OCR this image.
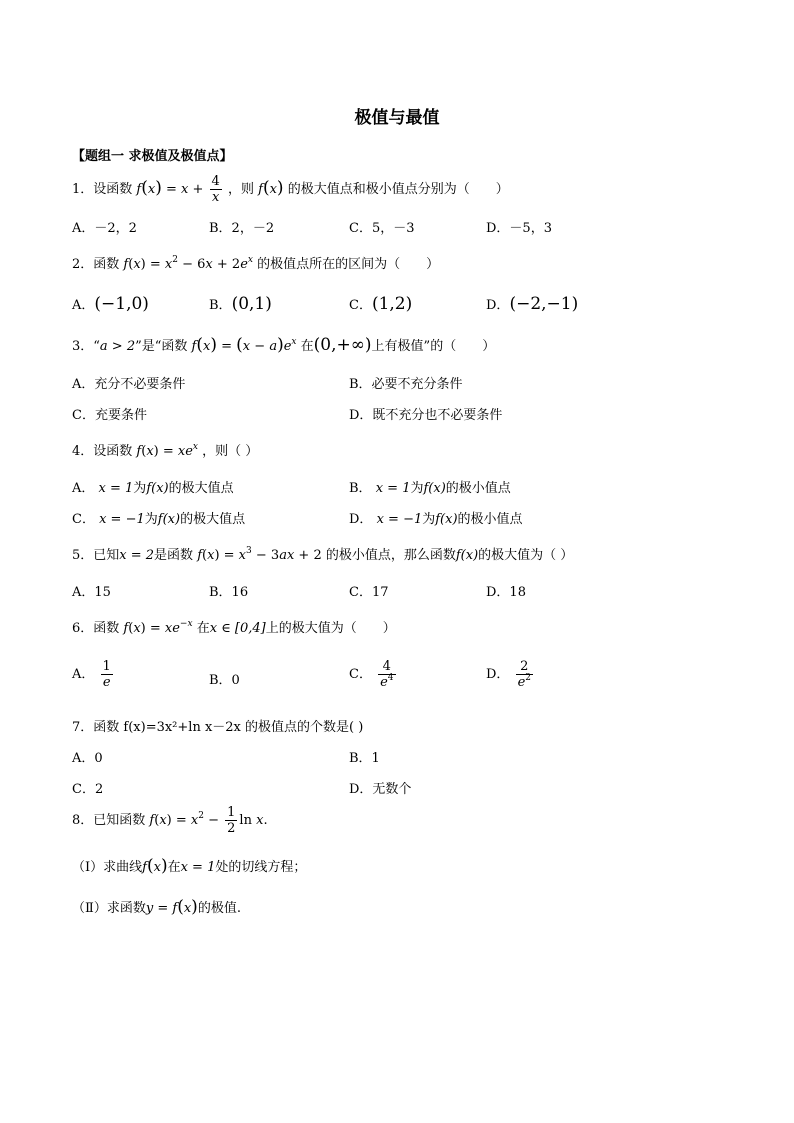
极值与最值
【题组一 求极值及极值点】
1．设函数 $f(x) = x + \frac{4}{x}$ ，则 f(x) 的极大值点和极小值点分别为（　　）
A．－2，2	B．2，－2	C．5，－3	D．－5，3
2．函数 $f(x) = x^2 - 6x + 2e^x$ 的极值点所在的区间为（　　）
A．(−1,0)	B．(0,1)	C．(1,2)	D．(−2,−1)
3．“a > 2”是“函数 $f(x) = (x - a)e^x$ 在(0,+∞)上有极值”的（　　）
A．充分不必要条件	B．必要不充分条件
C．充要条件	D．既不充分也不必要条件
4．设函数 $f(x) = xe^x$ ，则（ ）
A． x = 1为f(x)的极大值点	B． x = 1为f(x)的极小值点
C． x = −1为f(x)的极大值点	D． x = −1为f(x)的极小值点
5．已知x = 2是函数 $f(x) = x^3 - 3ax + 2$ 的极小值点，那么函数f(x)的极大值为（ ）
A．15	B．16	C．17	D．18
6．函数 $f(x) = xe^{-x}$ 在x ∈ [0,4]上的极大值为（　　）
A． $\frac{1}{e}$	B．0	C． $\frac{4}{e^4}$	D． $\frac{2}{e^2}$
7．函数 f(x)=3x²+ln x－2x 的极值点的个数是( )
A．0	B．1
C．2	D．无数个
8．已知函数 $f(x) = x^2 - \frac{1}{2}$ ln x.
（Ⅰ）求曲线f(x)在x = 1处的切线方程；
（Ⅱ）求函数y = f(x)的极值.
